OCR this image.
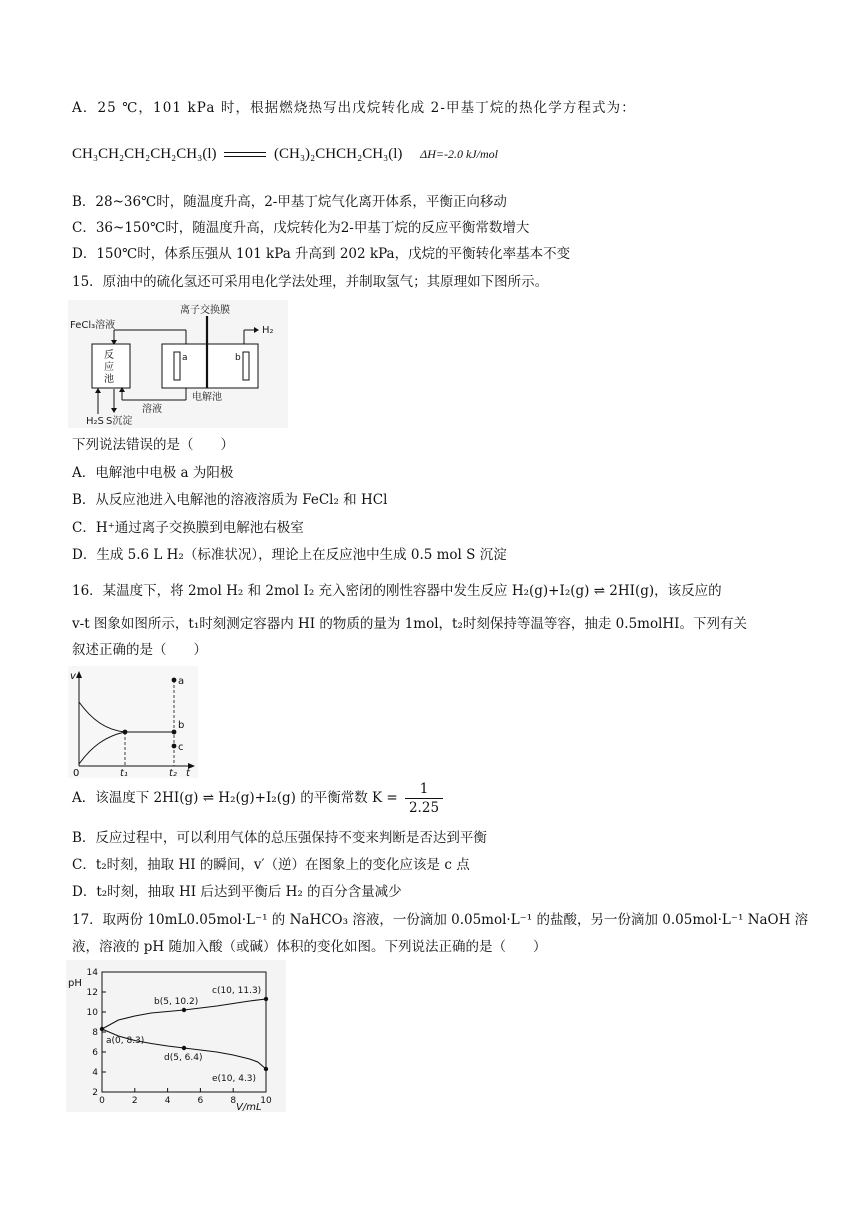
A．25 ℃，101 kPa 时，根据燃烧热写出戊烷转化成 2-甲基丁烷的热化学方程式为：
CH₃CH₂CH₂CH₂CH₃(l)	(CH₃)₂CHCH₂CH₃(l) ΔH=-2.0 kJ/mol
B．28~36℃时，随温度升高，2-甲基丁烷气化离开体系，平衡正向移动
C．36~150℃时，随温度升高，戊烷转化为2-甲基丁烷的反应平衡常数增大
D．150℃时，体系压强从 101 kPa 升高到 202 kPa，戊烷的平衡转化率基本不变
15．原油中的硫化氢还可采用电化学法处理，并制取氢气；其原理如下图所示。
离子交换膜
FeCl₃溶液	H₂
反
应
池
a	b
溶液
电解池
H₂S S沉淀
下列说法错误的是（　　）
A．电解池中电极 a 为阳极
B．从反应池进入电解池的溶液溶质为 FeCl₂ 和 HCl
C．H⁺通过离子交换膜到电解池右极室
D．生成 5.6 L H₂（标准状况），理论上在反应池中生成 0.5 mol S 沉淀
16．某温度下，将 2mol H₂ 和 2mol I₂ 充入密闭的刚性容器中发生反应 H₂(g)+I₂(g) ⇌ 2HI(g)，该反应的
v-t 图象如图所示，t₁时刻测定容器内 HI 的物质的量为 1mol，t₂时刻保持等温等容，抽走 0.5molHI。下列有关
叙述正确的是（　　）
v
t
0
a
b
c
t₁	t₂
A．该温度下 2HI(g) ⇌ H₂(g)+I₂(g) 的平衡常数 $K = \frac{1}{2.25}$
B．反应过程中，可以利用气体的总压强保持不变来判断是否达到平衡
C．t₂时刻，抽取 HI 的瞬间，v′（逆）在图象上的变化应该是 c 点
D．t₂时刻，抽取 HI 后达到平衡后 H₂ 的百分含量减少
17．取两份 10mL0.05mol·L⁻¹ 的 NaHCO₃ 溶液，一份滴加 0.05mol·L⁻¹ 的盐酸，另一份滴加 0.05mol·L⁻¹ NaOH 溶
液，溶液的 pH 随加入酸（或碱）体积的变化如图。下列说法正确的是（　　）
pH
V/mL
2
4
6
8
10
12
14
0	2	4	6	8	10
a(0, 8.3)
b(5, 10.2)
c(10, 11.3)
d(5, 6.4)
e(10, 4.3)
